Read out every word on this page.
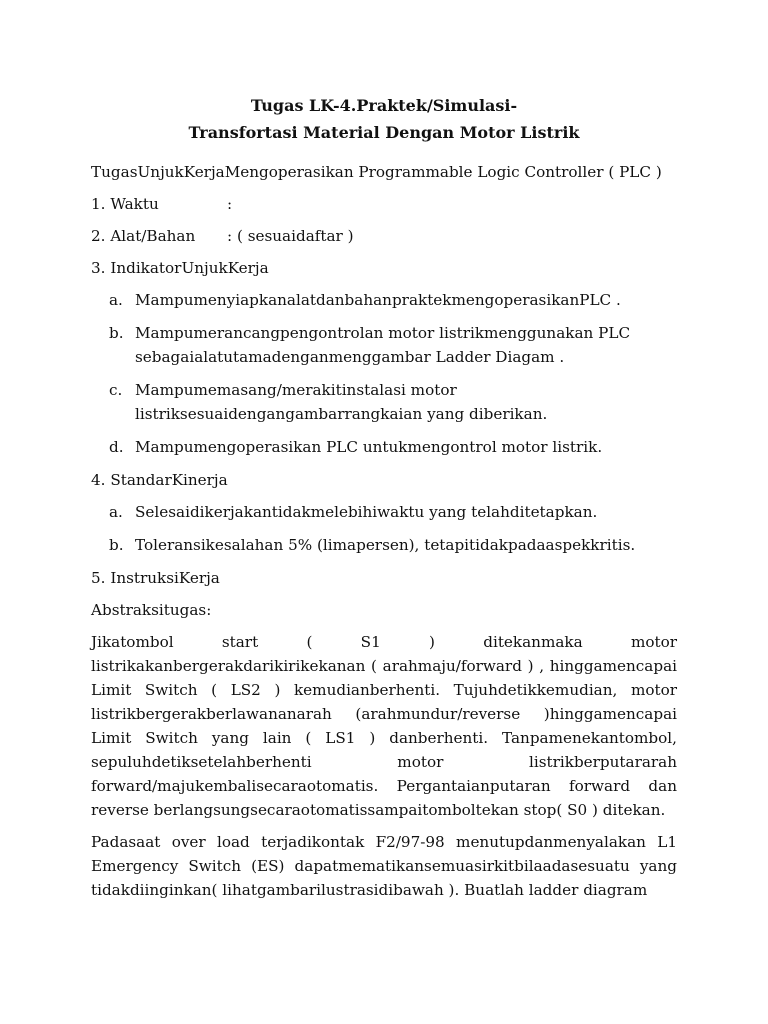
Tugas LK-4.Praktek/Simulasi-
Transfortasi Material Dengan Motor Listrik

TugasUnjukKerjaMengoperasikan Programmable Logic Controller ( PLC )

1. Waktu	:
2. Alat/Bahan	: ( sesuaidaftar )

3. IndikatorUnjukKerja

a. MampumenyiapkanalatdanbahanpraktekmengoperasikanPLC .
b. Mampumerancangpengontrolan motor listrikmenggunakan PLC sebagaialatutamadenganmenggambar Ladder Diagam .
c. Mampumemasang/merakitinstalasi motor listriksesuaidengangambarrangkaian yang diberikan.
d. Mampumengoperasikan PLC untukmengontrol motor listrik.

4. StandarKinerja

a. Selesaidikerjakantidakmelebihiwaktu yang telahditetapkan.
b. Toleransikesalahan 5% (limapersen), tetapitidakpadaaspekkritis.

5. InstruksiKerja

Abstraksitugas:

Jikatombol start ( S1 ) ditekanmaka motor listrikakanbergerakdarikirikekanan ( arahmaju/forward ) , hinggamencapai Limit Switch ( LS2 ) kemudianberhenti. Tujuhdetikkemudian, motor listrikbergerakberlawananarah (arahmundur/reverse )hinggamencapai Limit Switch yang lain ( LS1 ) danberhenti. Tanpamenekantombol, sepuluhdetiksetelahberhenti motor listrikberputararah forward/majukembalisecaraotomatis. Pergantaianputaran forward dan reverse berlangsungsecaraotomatissampaitomboltekan stop( S0 ) ditekan.

Padasaat over load terjadikontak F2/97-98 menutupdanmenyalakan L1 Emergency Switch (ES) dapatmematikansemuasirkitbilaadasesuatu yang tidakdiinginkan( lihatgambarilustrasidibawah ). Buatlah ladder diagram
